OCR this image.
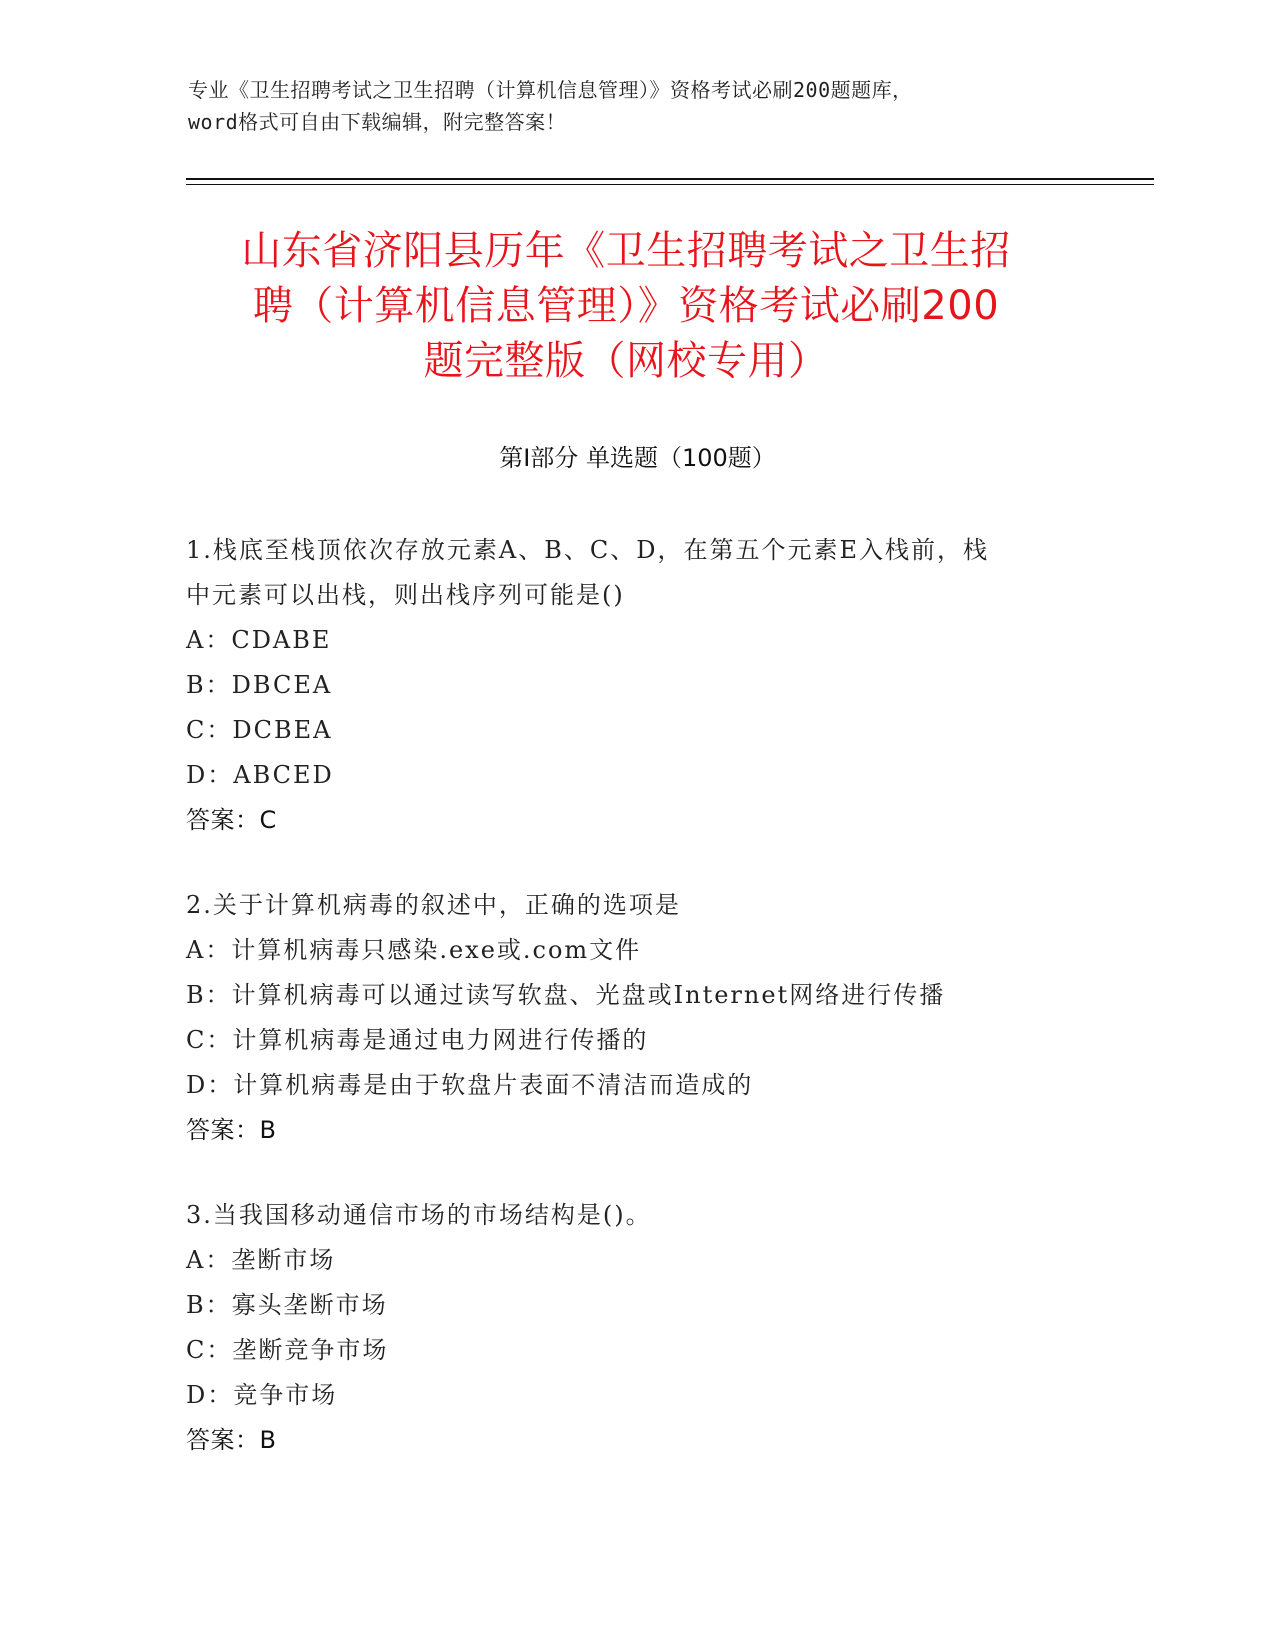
专业《卫生招聘考试之卫生招聘（计算机信息管理）》资格考试必刷200题题库，
word格式可自由下载编辑，附完整答案！
山东省济阳县历年《卫生招聘考试之卫生招
聘（计算机信息管理）》资格考试必刷200
题完整版（网校专用）
第Ⅰ部分 单选题（100题）
1.栈底至栈顶依次存放元素A、B、C、D，在第五个元素E入栈前，栈
中元素可以出栈，则出栈序列可能是()
A：CDABE
B：DBCEA
C：DCBEA
D：ABCED
答案：C
2.关于计算机病毒的叙述中，正确的选项是
A：计算机病毒只感染.exe或.com文件
B：计算机病毒可以通过读写软盘、光盘或Internet网络进行传播
C：计算机病毒是通过电力网进行传播的
D：计算机病毒是由于软盘片表面不清洁而造成的
答案：B
3.当我国移动通信市场的市场结构是()。
A：垄断市场
B：寡头垄断市场
C：垄断竞争市场
D：竞争市场
答案：B
